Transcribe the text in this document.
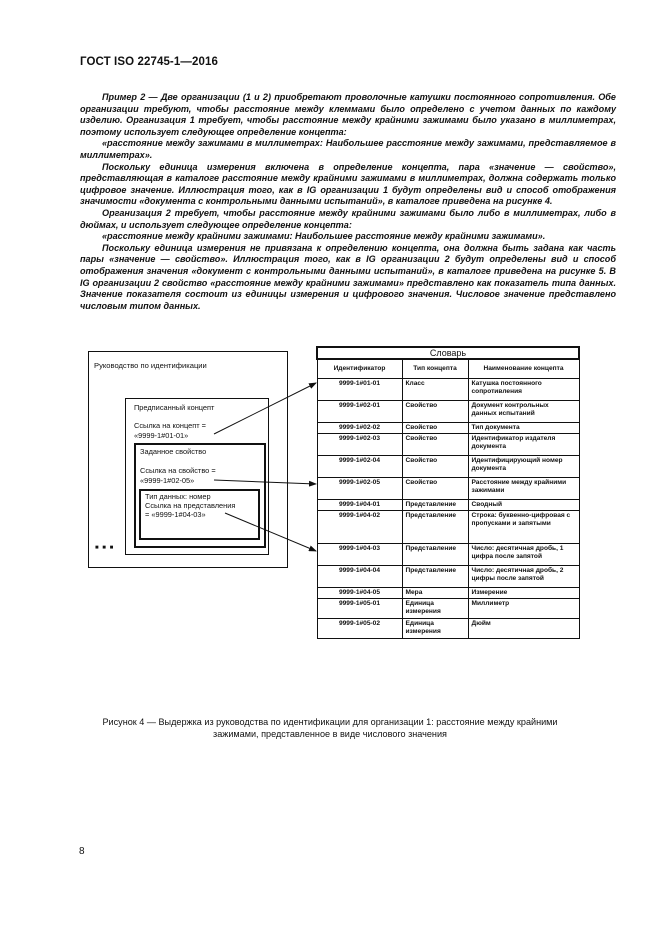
ГОСТ ISO 22745-1—2016

Пример 2 — Две организации (1 и 2) приобретают проволочные катушки постоянного сопротивления. Обе организации требуют, чтобы расстояние между клеммами было определено с учетом данных по каждому изделию. Организация 1 требует, чтобы расстояние между крайними зажимами было указано в миллиметрах, поэтому использует следующее определение концепта:

«расстояние между зажимами в миллиметрах: Наибольшее расстояние между зажимами, представляемое в миллиметрах».

Поскольку единица измерения включена в определение концепта, пара «значение — свойство», представляющая в каталоге расстояние между крайними зажимами в миллиметрах, должна содержать только цифровое значение. Иллюстрация того, как в IG организации 1 будут определены вид и способ отображения значимости «документа с контрольными данными испытаний», в каталоге приведена на рисунке 4.

Организация 2 требует, чтобы расстояние между крайними зажимами было либо в миллиметрах, либо в дюймах, и использует следующее определение концепта:

«расстояние между крайними зажимами: Наибольшее расстояние между крайними зажимами».

Поскольку единица измерения не привязана к определению концепта, она должна быть задана как часть пары «значение — свойство». Иллюстрация того, как в IG организации 2 будут определены вид и способ отображения значения «документ с контрольными данными испытаний», в каталоге приведена на рисунке 5. В IG организации 2 свойство «расстояние между крайними зажимами» представлено как показатель типа данных. Значение показателя состоит из единицы измерения и цифрового значения. Числовое значение представлено числовым типом данных.

Руководство по идентификации
Предписанный концепт
Ссылка на концепт =
«9999-1#01-01»
Заданное свойство
Ссылка на свойство =
«9999-1#02-05»
Тип данных: номер
Ссылка на представления
= «9999-1#04-03»
■ ■ ■
Словарь		
Идентификатор	Тип концепта	Наименование концепта
9999-1#01-01	Класс	Катушка постоянного сопротивления
9999-1#02-01	Свойство	Документ контрольных данных испытаний
9999-1#02-02	Свойство	Тип документа
9999-1#02-03	Свойство	Идентификатор издателя документа
9999-1#02-04	Свойство	Идентифицирующий номер документа
9999-1#02-05	Свойство	Расстояние между крайними зажимами
9999-1#04-01	Представление	Сводный
9999-1#04-02	Представление	Строка: буквенно-цифровая с пропусками и запятыми
9999-1#04-03	Представление	Число: десятичная дробь, 1 цифра после запятой
9999-1#04-04	Представление	Число: десятичная дробь, 2 цифры после запятой
9999-1#04-05	Мера	Измерение
9999-1#05-01	Единица измерения	Миллиметр
9999-1#05-02	Единица измерения	Дюйм
Рисунок 4 — Выдержка из руководства по идентификации для организации 1: расстояние между крайними зажимами, представленное в виде числового значения
8
